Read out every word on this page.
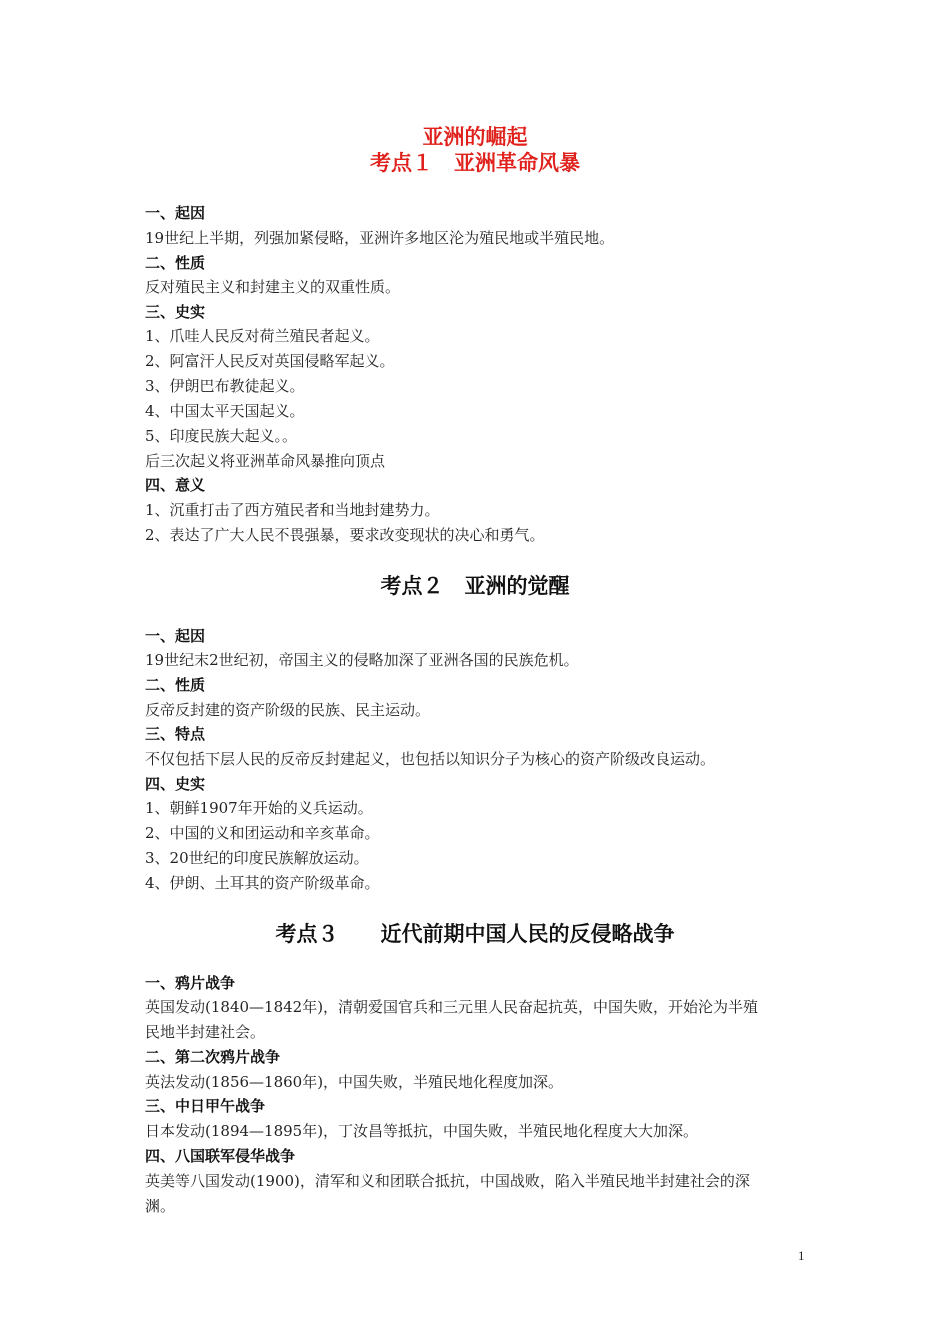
亚洲的崛起
考点１　亚洲革命风暴
一、起因
19世纪上半期，列强加紧侵略，亚洲许多地区沦为殖民地或半殖民地。
二、性质
反对殖民主义和封建主义的双重性质。
三、史实
1、爪哇人民反对荷兰殖民者起义。
2、阿富汗人民反对英国侵略军起义。
3、伊朗巴布教徒起义。
4、中国太平天国起义。
5、印度民族大起义。。
后三次起义将亚洲革命风暴推向顶点
四、意义
1、沉重打击了西方殖民者和当地封建势力。
2、表达了广大人民不畏强暴，要求改变现状的决心和勇气。
考点２　亚洲的觉醒
一、起因
19世纪末2世纪初，帝国主义的侵略加深了亚洲各国的民族危机。
二、性质
反帝反封建的资产阶级的民族、民主运动。
三、特点
不仅包括下层人民的反帝反封建起义，也包括以知识分子为核心的资产阶级改良运动。
四、史实
1、朝鲜1907年开始的义兵运动。
2、中国的义和团运动和辛亥革命。
3、20世纪的印度民族解放运动。
4、伊朗、土耳其的资产阶级革命。
考点３　　近代前期中国人民的反侵略战争
一、鸦片战争
英国发动(1840—1842年)，清朝爱国官兵和三元里人民奋起抗英，中国失败，开始沦为半殖
民地半封建社会。
二、第二次鸦片战争
英法发动(1856—1860年)，中国失败，半殖民地化程度加深。
三、中日甲午战争
日本发动(1894—1895年)，丁汝昌等抵抗，中国失败，半殖民地化程度大大加深。
四、八国联军侵华战争
英美等八国发动(1900)，清军和义和团联合抵抗，中国战败，陷入半殖民地半封建社会的深
渊。
1
